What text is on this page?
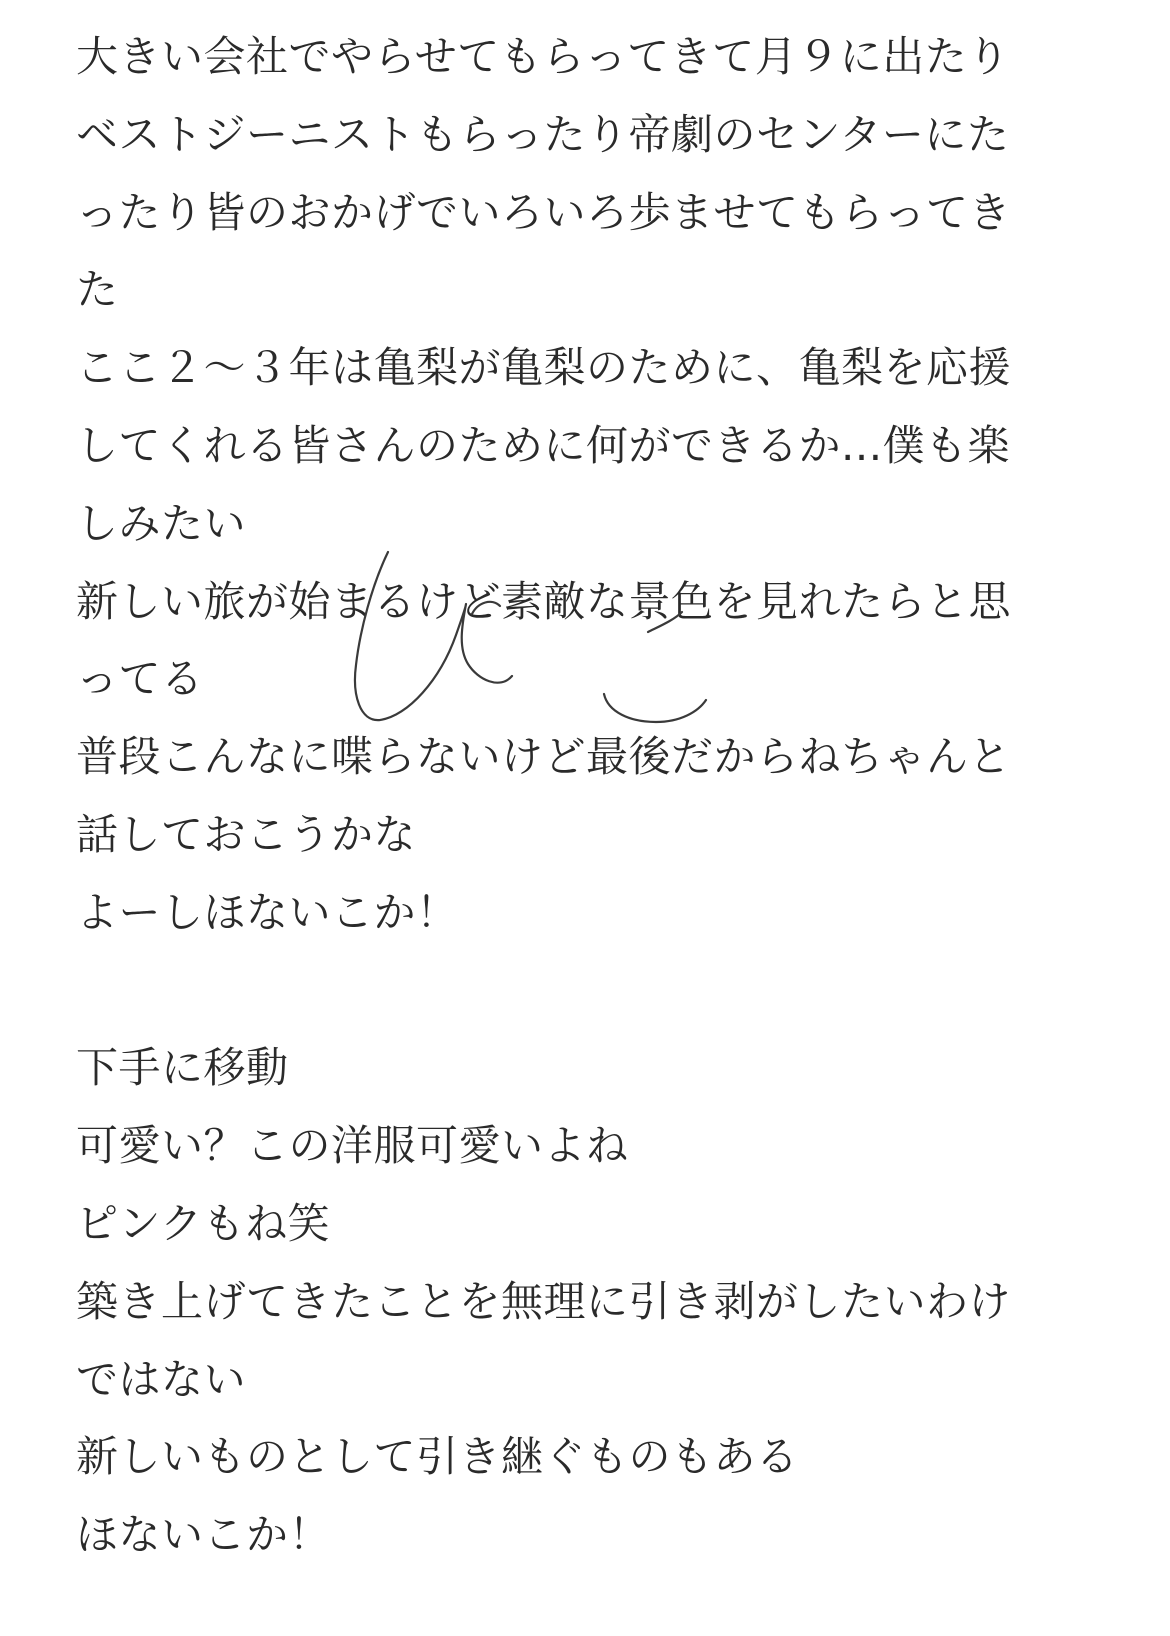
大きい会社でやらせてもらってきて月９に出たり
ベストジーニストもらったり帝劇のセンターにた
ったり皆のおかげでいろいろ歩ませてもらってき
た
ここ２〜３年は亀梨が亀梨のために、亀梨を応援
してくれる皆さんのために何ができるか...僕も楽
しみたい
新しい旅が始まるけど素敵な景色を見れたらと思
ってる
普段こんなに喋らないけど最後だからねちゃんと
話しておこうかな
よーしほないこか！

下手に移動
可愛い？この洋服可愛いよね
ピンクもね笑
築き上げてきたことを無理に引き剥がしたいわけ
ではない
新しいものとして引き継ぐものもある
ほないこか！
